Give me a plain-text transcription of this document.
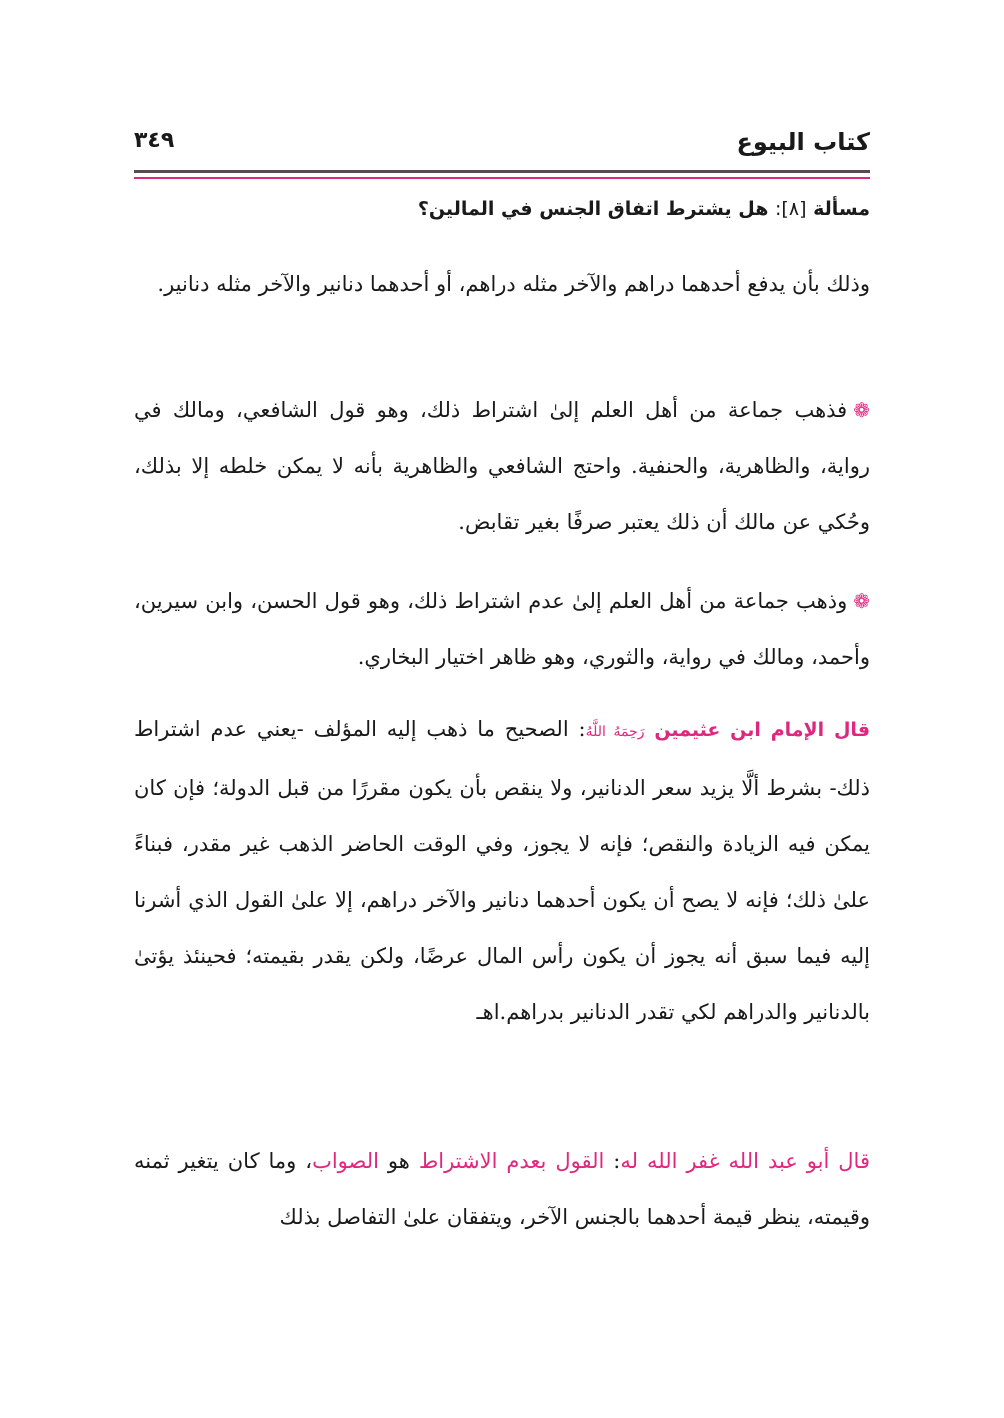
كتاب البيوع
٣٤٩
مسألة [٨]: هل يشترط اتفاق الجنس في المالين؟
وذلك بأن يدفع أحدهما دراهم والآخر مثله دراهم، أو أحدهما دنانير والآخر مثله دنانير.
❁فذهب جماعة من أهل العلم إلىٰ اشتراط ذلك، وهو قول الشافعي، ومالك في رواية، والظاهرية، والحنفية. واحتج الشافعي والظاهرية بأنه لا يمكن خلطه إلا بذلك، وحُكي عن مالك أن ذلك يعتبر صرفًا بغير تقابض.
❁وذهب جماعة من أهل العلم إلىٰ عدم اشتراط ذلك، وهو قول الحسن، وابن سيرين، وأحمد، ومالك في رواية، والثوري، وهو ظاهر اختيار البخاري.
قال الإمام ابن عثيمين رَحِمَهُ اللَّهُ: الصحيح ما ذهب إليه المؤلف -يعني عدم اشتراط ذلك- بشرط ألَّا يزيد سعر الدنانير، ولا ينقص بأن يكون مقررًا من قبل الدولة؛ فإن كان يمكن فيه الزيادة والنقص؛ فإنه لا يجوز، وفي الوقت الحاضر الذهب غير مقدر، فبناءً علىٰ ذلك؛ فإنه لا يصح أن يكون أحدهما دنانير والآخر دراهم، إلا علىٰ القول الذي أشرنا إليه فيما سبق أنه يجوز أن يكون رأس المال عرضًا، ولكن يقدر بقيمته؛ فحينئذ يؤتىٰ بالدنانير والدراهم لكي تقدر الدنانير بدراهم.اهـ
قال أبو عبد الله غفر الله له: القول بعدم الاشتراط هو الصواب، وما كان يتغير ثمنه وقيمته، ينظر قيمة أحدهما بالجنس الآخر، ويتفقان علىٰ التفاصل بذلك
